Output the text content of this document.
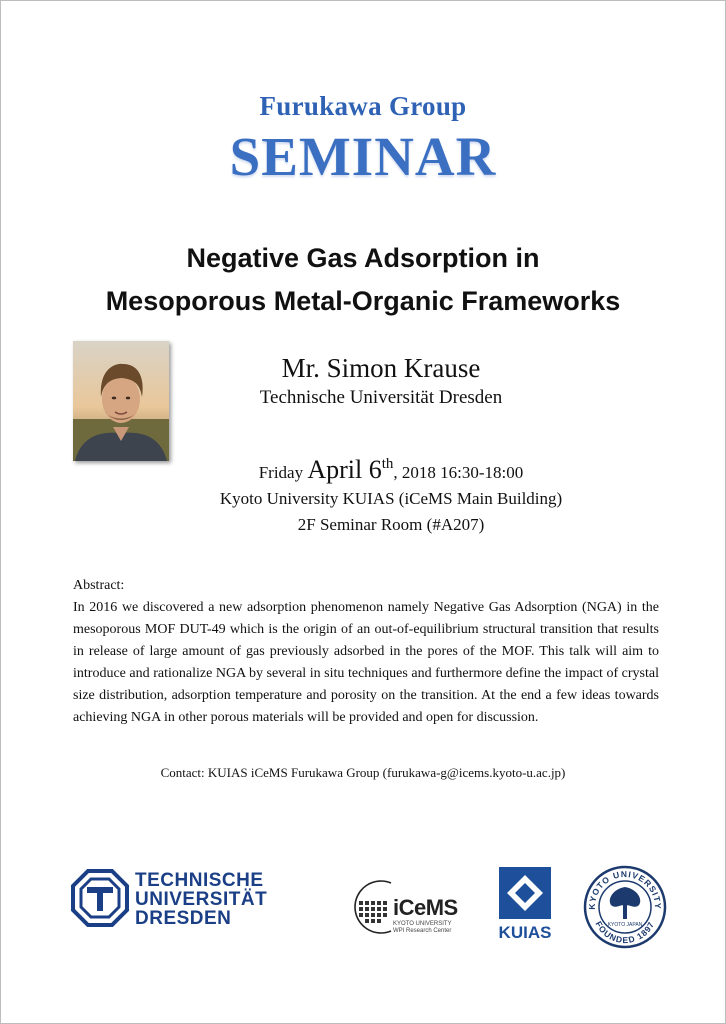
Furukawa Group
SEMINAR
Negative Gas Adsorption in
Mesoporous Metal-Organic Frameworks
Mr. Simon Krause
Technische Universität Dresden
Friday April 6th, 2018 16:30-18:00
Kyoto University KUIAS (iCeMS Main Building)
2F Seminar Room (#A207)
Abstract:
In 2016 we discovered a new adsorption phenomenon namely Negative Gas Adsorption (NGA) in the mesoporous MOF DUT-49 which is the origin of an out-of-equilibrium structural transition that results in release of large amount of gas previously adsorbed in the pores of the MOF. This talk will aim to introduce and rationalize NGA by several in situ techniques and furthermore define the impact of crystal size distribution, adsorption temperature and porosity on the transition. At the end a few ideas towards achieving NGA in other porous materials will be provided and open for discussion.
Contact: KUIAS iCeMS Furukawa Group (furukawa-g@icems.kyoto-u.ac.jp)
TECHNISCHE
UNIVERSITÄT
DRESDEN	iCeMS
KYOTO UNIVERSITY
WPI Research Center	KUIAS
KYOTO UNIVERSITY
FOUNDED 1897
KYOTO JAPAN
